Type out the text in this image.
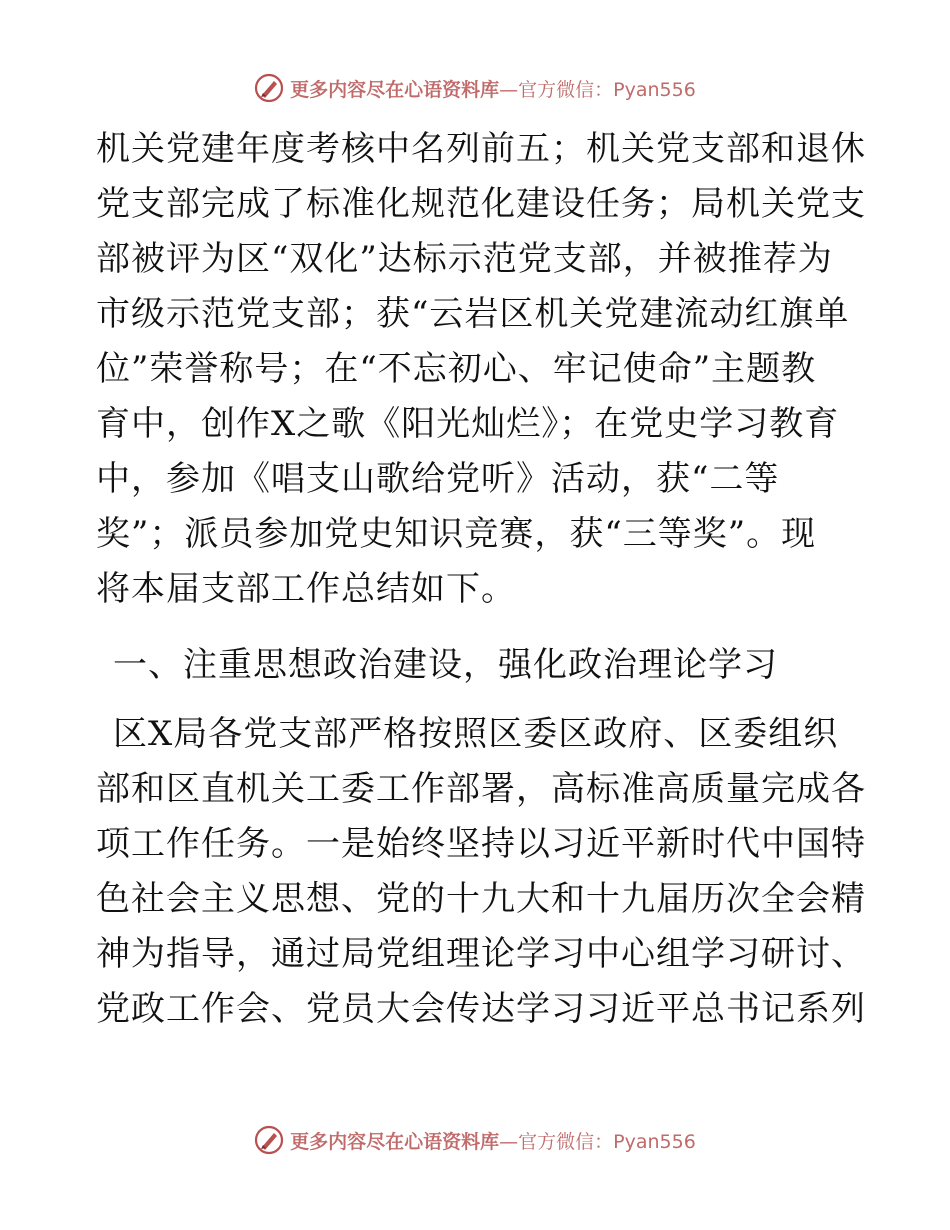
更多内容尽在心语资料库—官方微信：Pyan556
机关党建年度考核中名列前五；机关党支部和退休
党支部完成了标准化规范化建设任务；局机关党支
部被评为区“双化”达标示范党支部，并被推荐为
市级示范党支部；获“云岩区机关党建流动红旗单
位”荣誉称号；在“不忘初心、牢记使命”主题教
育中，创作X之歌《阳光灿烂》；在党史学习教育
中，参加《唱支山歌给党听》活动，获“二等
奖”；派员参加党史知识竞赛，获“三等奖”。现
将本届支部工作总结如下。
一、注重思想政治建设，强化政治理论学习
区X局各党支部严格按照区委区政府、区委组织
部和区直机关工委工作部署，高标准高质量完成各
项工作任务。一是始终坚持以习近平新时代中国特
色社会主义思想、党的十九大和十九届历次全会精
神为指导，通过局党组理论学习中心组学习研讨、
党政工作会、党员大会传达学习习近平总书记系列
更多内容尽在心语资料库—官方微信：Pyan556
